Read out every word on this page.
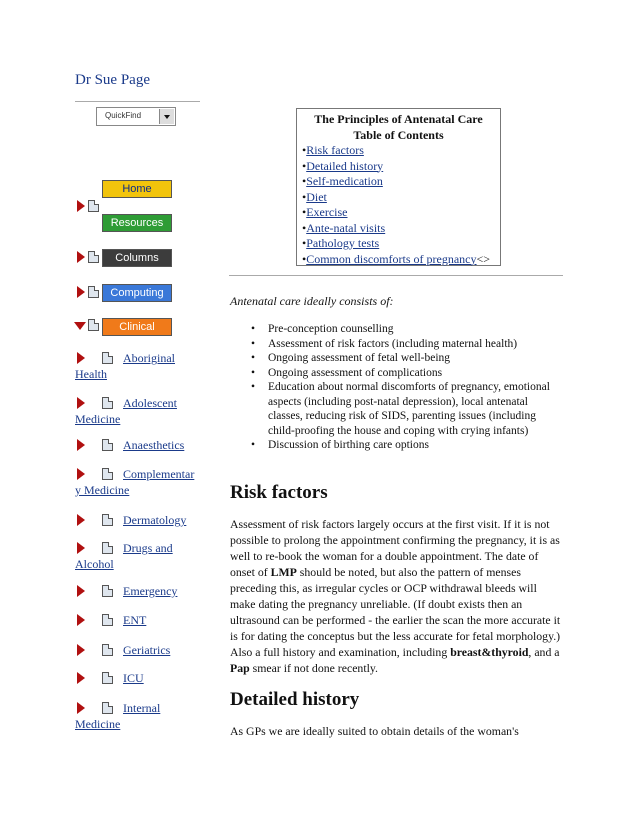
Dr Sue Page
QuickFind
Home
Resources
Columns
Computing
Clinical
Aboriginal
Health
Adolescent
Medicine
Anaesthetics
Complementar
y Medicine
Dermatology
Drugs and
Alcohol
Emergency
ENT
Geriatrics
ICU
Internal
Medicine
The Principles of Antenatal Care
Table of Contents
• Risk factors
• Detailed history
• Self-medication
• Diet
• Exercise
• Ante-natal visits
• Pathology tests
• Common discomforts of pregnancy<>
Antenatal care ideally consists of:
• Pre-conception counselling
• Assessment of risk factors (including maternal health)
• Ongoing assessment of fetal well-being
• Ongoing assessment of complications
• Education about normal discomforts of pregnancy, emotional aspects (including post-natal depression), local antenatal classes, reducing risk of SIDS, parenting issues (including child-proofing the house and coping with crying infants)
• Discussion of birthing care options
Risk factors
Assessment of risk factors largely occurs at the first visit. If it is not possible to prolong the appointment confirming the pregnancy, it is as well to re-book the woman for a double appointment. The date of onset of LMP should be noted, but also the pattern of menses preceding this, as irregular cycles or OCP withdrawal bleeds will make dating the pregnancy unreliable. (If doubt exists then an ultrasound can be performed - the earlier the scan the more accurate it is for dating the conceptus but the less accurate for fetal morphology.) Also a full history and examination, including breast&thyroid, and a Pap smear if not done recently.
Detailed history
As GPs we are ideally suited to obtain details of the woman's
